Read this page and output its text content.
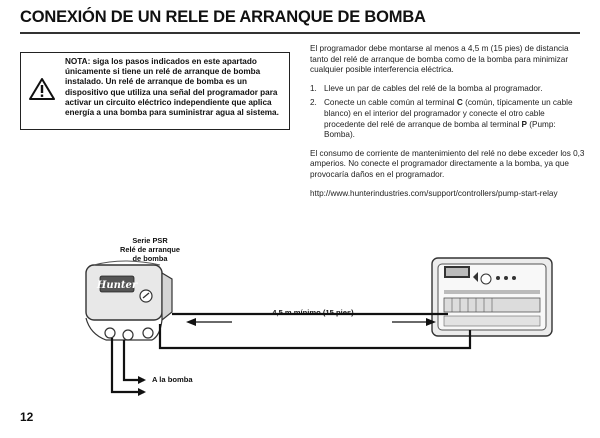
CONEXIÓN DE UN RELE DE ARRANQUE DE BOMBA
NOTA: siga los pasos indicados en este apartado únicamente si tiene un relé de arranque de bomba instalado. Un relé de arranque de bomba es un dispositivo que utiliza una señal del programador para activar un circuito eléctrico independiente que aplica energía a una bomba para suministrar agua al sistema.

El programador debe montarse al menos a 4,5 m (15 pies) de distancia tanto del relé de arranque de bomba como de la bomba para minimizar cualquier posible interferencia eléctrica.

1. Lleve un par de cables del relé de la bomba al programador.
2. Conecte un cable común al terminal C (común, típicamente un cable blanco) en el interior del programador y conecte el otro cable procedente del relé de arranque de bomba al terminal P (Pump: Bomba).

El consumo de corriente de mantenimiento del relé no debe exceder los 0,3 amperios. No conecte el programador directamente a la bomba, ya que provocaría daños en el programador.

http://www.hunterindustries.com/support/controllers/pump-start-relay

Hunter
Serie PSR
Relé de arranque
de bomba
4,5 m mínimo (15 pies)
A la bomba
12
